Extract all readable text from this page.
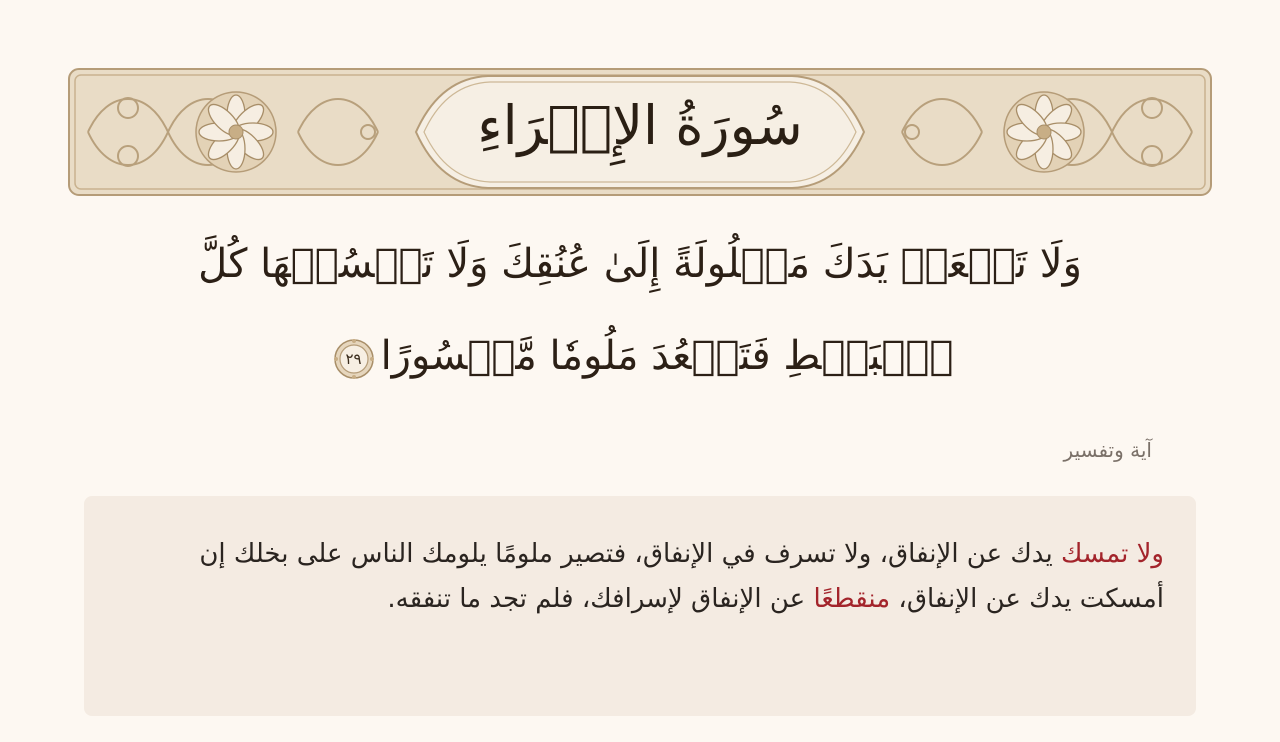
سُورَةُ الإِسۡرَاءِ
وَلَا تَجۡعَلۡ يَدَكَ مَغۡلُولَةً إِلَىٰ عُنُقِكَ وَلَا تَبۡسُطۡهَا كُلَّ ٱلۡبَسۡطِ فَتَقۡعُدَ مَلُومٗا مَّحۡسُورًا
٢٩
آية وتفسير
ولا تمسك يدك عن الإنفاق، ولا تسرف في الإنفاق، فتصير ملومًا يلومك الناس على بخلك إن أمسكت يدك عن الإنفاق، منقطعًا عن الإنفاق لإسرافك، فلم تجد ما تنفقه.
